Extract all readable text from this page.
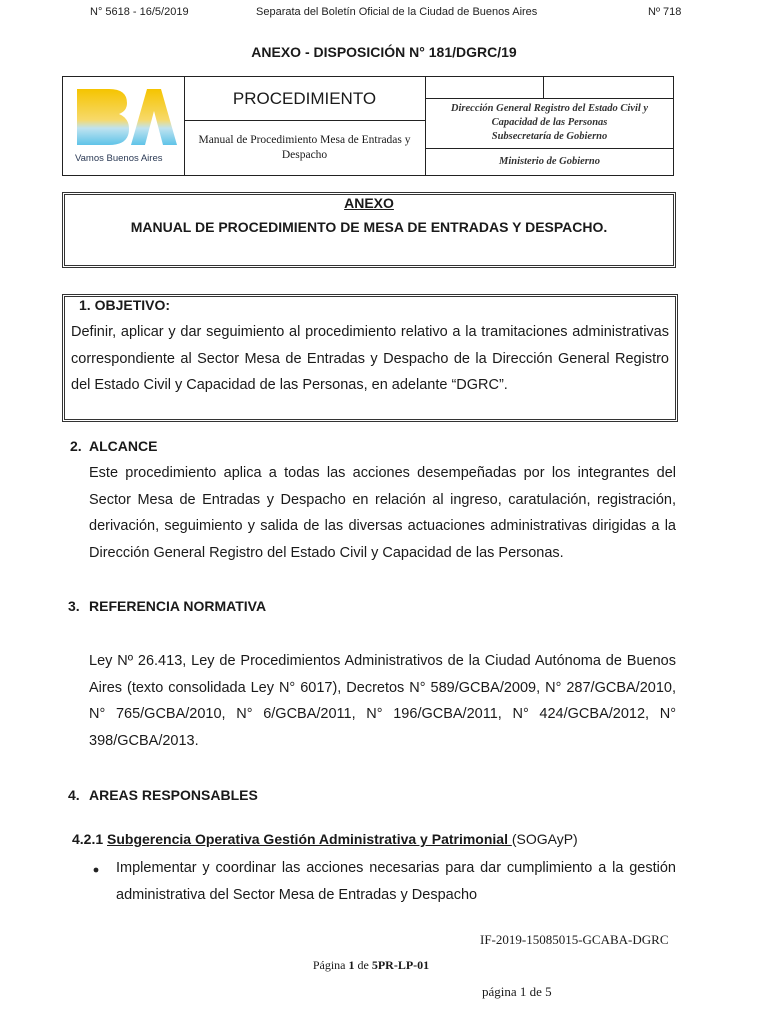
N° 5618 - 16/5/2019	Separata del Boletín Oficial de la Ciudad de Buenos Aires	Nº 718
ANEXO - DISPOSICIÓN N° 181/DGRC/19
Vamos Buenos Aires
PROCEDIMIENTO
Manual de Procedimiento Mesa de Entradas y Despacho
Dirección General Registro del Estado Civil y
Capacidad de las Personas
Subsecretaría de Gobierno
Ministerio de Gobierno
ANEXO
MANUAL DE PROCEDIMIENTO DE MESA DE ENTRADAS Y DESPACHO.
1. OBJETIVO:
Definir, aplicar y dar seguimiento al procedimiento relativo a la tramitaciones administrativas correspondiente al Sector Mesa de Entradas y Despacho de la Dirección General Registro del Estado Civil y Capacidad de las Personas, en adelante “DGRC”.
2. ALCANCE
Este procedimiento aplica a todas las acciones desempeñadas por los integrantes del Sector Mesa de Entradas y Despacho en relación al ingreso, caratulación, registración, derivación, seguimiento y salida de las diversas actuaciones administrativas dirigidas a la Dirección General Registro del Estado Civil y Capacidad de las Personas.
3. REFERENCIA NORMATIVA
Ley Nº 26.413, Ley de Procedimientos Administrativos de la Ciudad Autónoma de Buenos Aires (texto consolidada Ley N° 6017), Decretos N° 589/GCBA/2009, N° 287/GCBA/2010, N° 765/GCBA/2010, N° 6/GCBA/2011, N° 196/GCBA/2011, N° 424/GCBA/2012, N° 398/GCBA/2013.
4. AREAS RESPONSABLES
4.2.1 Subgerencia Operativa Gestión Administrativa y Patrimonial (SOGAyP)
Implementar y coordinar las acciones necesarias para dar cumplimiento a la gestión administrativa del Sector Mesa de Entradas y Despacho
IF-2019-15085015-GCABA-DGRC
Página 1 de 5PR-LP-01
página 1 de 5
